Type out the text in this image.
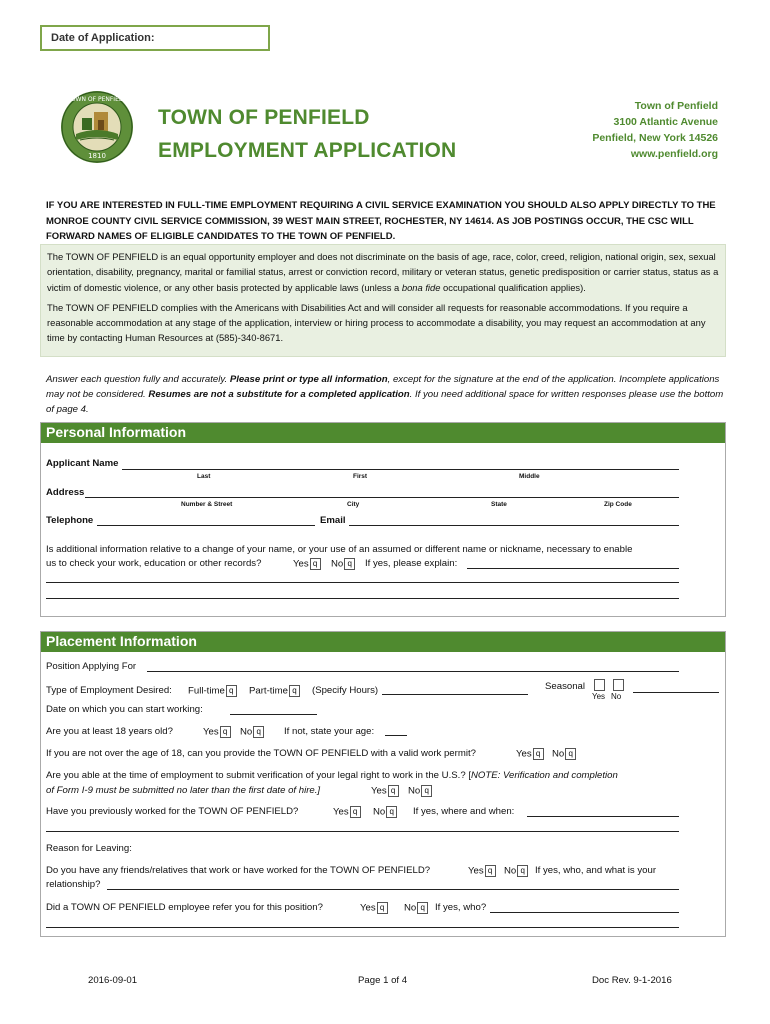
Date of Application:
TOWN OF PENFIELD
1810
TOWN OF PENFIELD
EMPLOYMENT APPLICATION
Town of Penfield
3100 Atlantic Avenue
Penfield, New York 14526
www.penfield.org
IF YOU ARE INTERESTED IN FULL-TIME EMPLOYMENT REQUIRING A CIVIL SERVICE EXAMINATION YOU SHOULD ALSO APPLY DIRECTLY TO THE MONROE COUNTY CIVIL SERVICE COMMISSION, 39 WEST MAIN STREET, ROCHESTER, NY 14614. AS JOB POSTINGS OCCUR, THE CSC WILL FORWARD NAMES OF ELIGIBLE CANDIDATES TO THE TOWN OF PENFIELD.

The TOWN OF PENFIELD is an equal opportunity employer and does not discriminate on the basis of age, race, color, creed, religion, national origin, sex, sexual orientation, disability, pregnancy, marital or familial status, arrest or conviction record, military or veteran status, genetic predisposition or carrier status, status as a victim of domestic violence, or any other basis protected by applicable laws (unless a bona fide occupational qualification applies).

The TOWN OF PENFIELD complies with the Americans with Disabilities Act and will consider all requests for reasonable accommodations. If you require a reasonable accommodation at any stage of the application, interview or hiring process to accommodate a disability, you may request an accommodation at any time by contacting Human Resources at (585)-340-8671.

Answer each question fully and accurately. Please print or type all information, except for the signature at the end of the application. Incomplete applications may not be considered. Resumes are not a substitute for a completed application. If you need additional space for written responses please use the bottom of page 4.
Personal Information
Applicant Name
Last	First	Middle
Address
Number & Street	City	State	Zip Code
Telephone	Email
Is additional information relative to a change of your name, or your use of an assumed or different name or nickname, necessary to enable
us to check your work, education or other records?	Yes q	No q	If yes, please explain:
Placement Information
Position Applying For
Type of Employment Desired: Full-time q	Part-time q	(Specify Hours)	Seasonal
Yes No
Date on which you can start working:
Are you at least 18 years old?	Yes q	No q	If not, state your age:
If you are not over the age of 18, can you provide the TOWN OF PENFIELD with a valid work permit?	Yes q	No q
Are you able at the time of employment to submit verification of your legal right to work in the U.S.? [NOTE: Verification and completion
of Form I-9 must be submitted no later than the first date of hire.]	Yes q	No q
Have you previously worked for the TOWN OF PENFIELD?	Yes q	No q	If yes, where and when:
Reason for Leaving:
Do you have any friends/relatives that work or have worked for the TOWN OF PENFIELD?	Yes q	No q	If yes, who, and what is your
relationship?
Did a TOWN OF PENFIELD employee refer you for this position?	Yes q	No q	If yes, who?
2016-09-01	Page 1 of 4	Doc Rev. 9-1-2016
